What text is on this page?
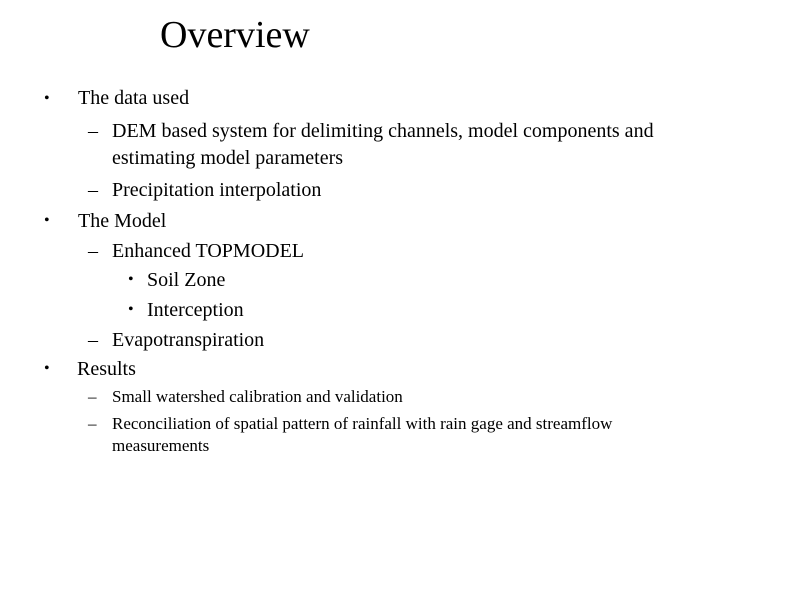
Overview
• The data used
– DEM based system for delimiting channels, model components and
estimating model parameters
– Precipitation interpolation
• The Model
– Enhanced TOPMODEL
• Soil Zone
• Interception
– Evapotranspiration
• Results
– Small watershed calibration and validation
– Reconciliation of spatial pattern of rainfall with rain gage and streamflow
measurements
